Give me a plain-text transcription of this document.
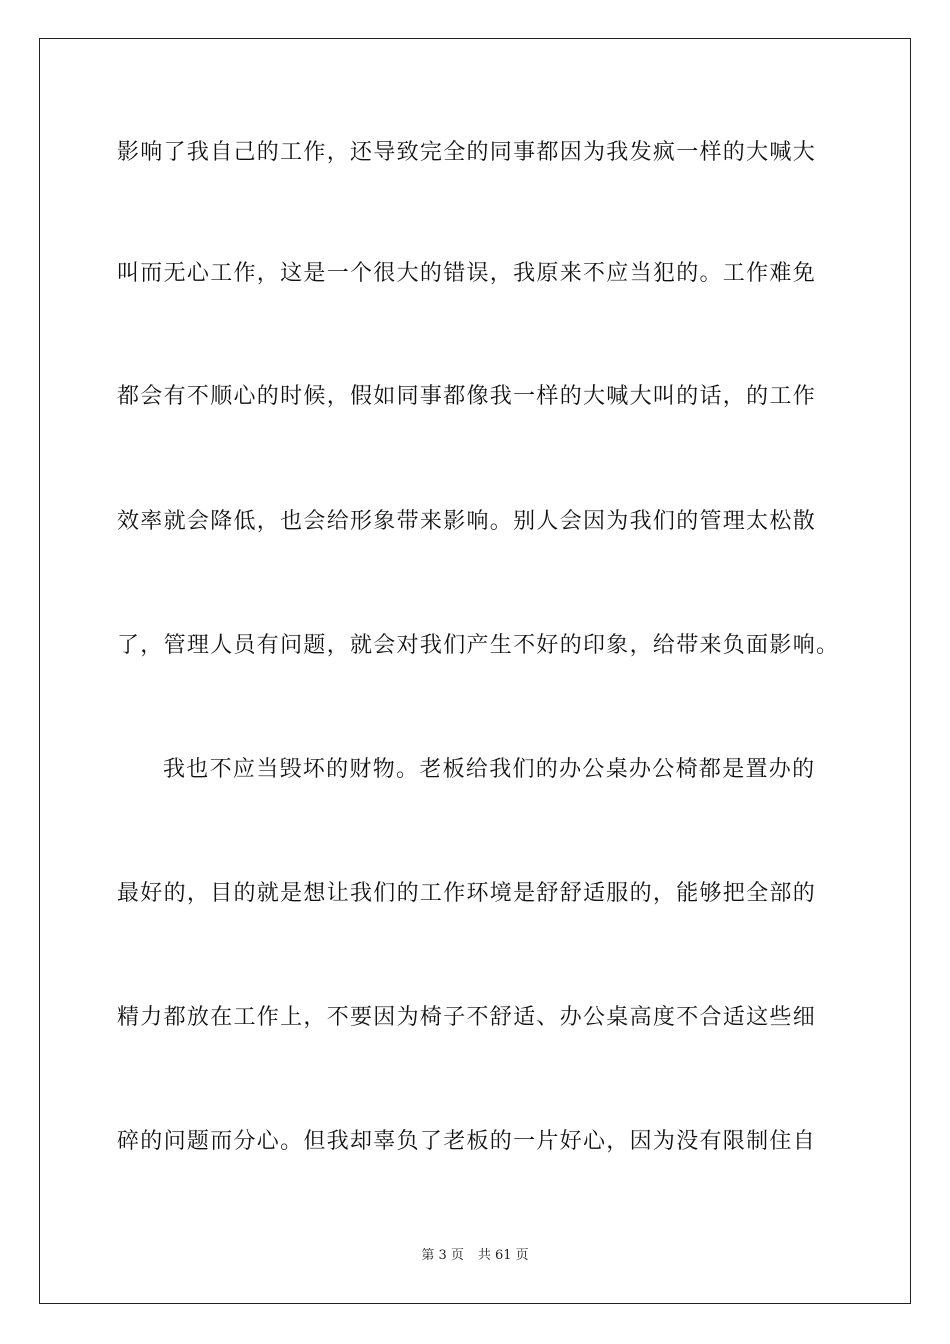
影响了我自己的工作，还导致完全的同事都因为我发疯一样的大喊大
叫而无心工作，这是一个很大的错误，我原来不应当犯的。工作难免
都会有不顺心的时候，假如同事都像我一样的大喊大叫的话，的工作
效率就会降低，也会给形象带来影响。别人会因为我们的管理太松散
了，管理人员有问题，就会对我们产生不好的印象，给带来负面影响。
我也不应当毁坏的财物。老板给我们的办公桌办公椅都是置办的
最好的，目的就是想让我们的工作环境是舒舒适服的，能够把全部的
精力都放在工作上，不要因为椅子不舒适、办公桌高度不合适这些细
碎的问题而分心。但我却辜负了老板的一片好心，因为没有限制住自
第 3 页 共 61 页
